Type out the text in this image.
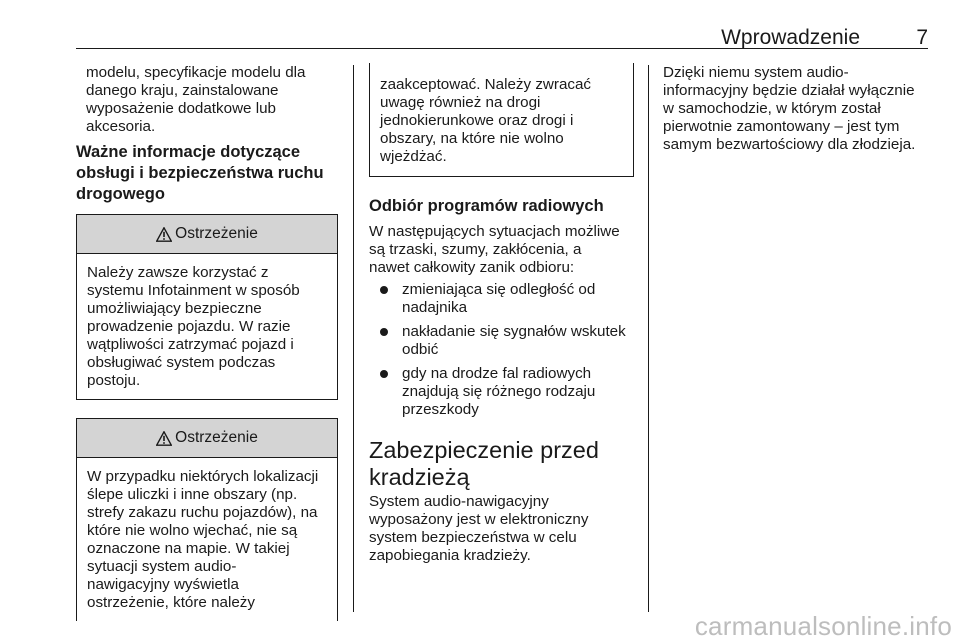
Wprowadzenie	7

modelu, specyfikacje modelu dla

danego kraju, zainstalowane

wyposażenie dodatkowe lub

akcesoria.

Ważne informacje dotyczące

obsługi i bezpieczeństwa ruchu

drogowego

Ostrzeżenie

Należy zawsze korzystać z

systemu Infotainment w sposób

umożliwiający bezpieczne

prowadzenie pojazdu. W razie

wątpliwości zatrzymać pojazd i

obsługiwać system podczas

postoju.

Ostrzeżenie

W przypadku niektórych lokalizacji

ślepe uliczki i inne obszary (np.

strefy zakazu ruchu pojazdów), na

które nie wolno wjechać, nie są

oznaczone na mapie. W takiej

sytuacji system audio-

nawigacyjny wyświetla

ostrzeżenie, które należy

zaakceptować. Należy zwracać

uwagę również na drogi

jednokierunkowe oraz drogi i

obszary, na które nie wolno

wjeżdżać.

Odbiór programów radiowych

W następujących sytuacjach możliwe

są trzaski, szumy, zakłócenia, a

nawet całkowity zanik odbioru:

zmieniająca się odległość od

nadajnika

nakładanie się sygnałów wskutek

odbić

gdy na drodze fal radiowych

znajdują się różnego rodzaju

przeszkody

Zabezpieczenie przed

kradzieżą

System audio-nawigacyjny

wyposażony jest w elektroniczny

system bezpieczeństwa w celu

zapobiegania kradzieży.

Dzięki niemu system audio-

informacyjny będzie działał wyłącznie

w samochodzie, w którym został

pierwotnie zamontowany – jest tym

samym bezwartościowy dla złodzieja.

carmanualsonline.info
